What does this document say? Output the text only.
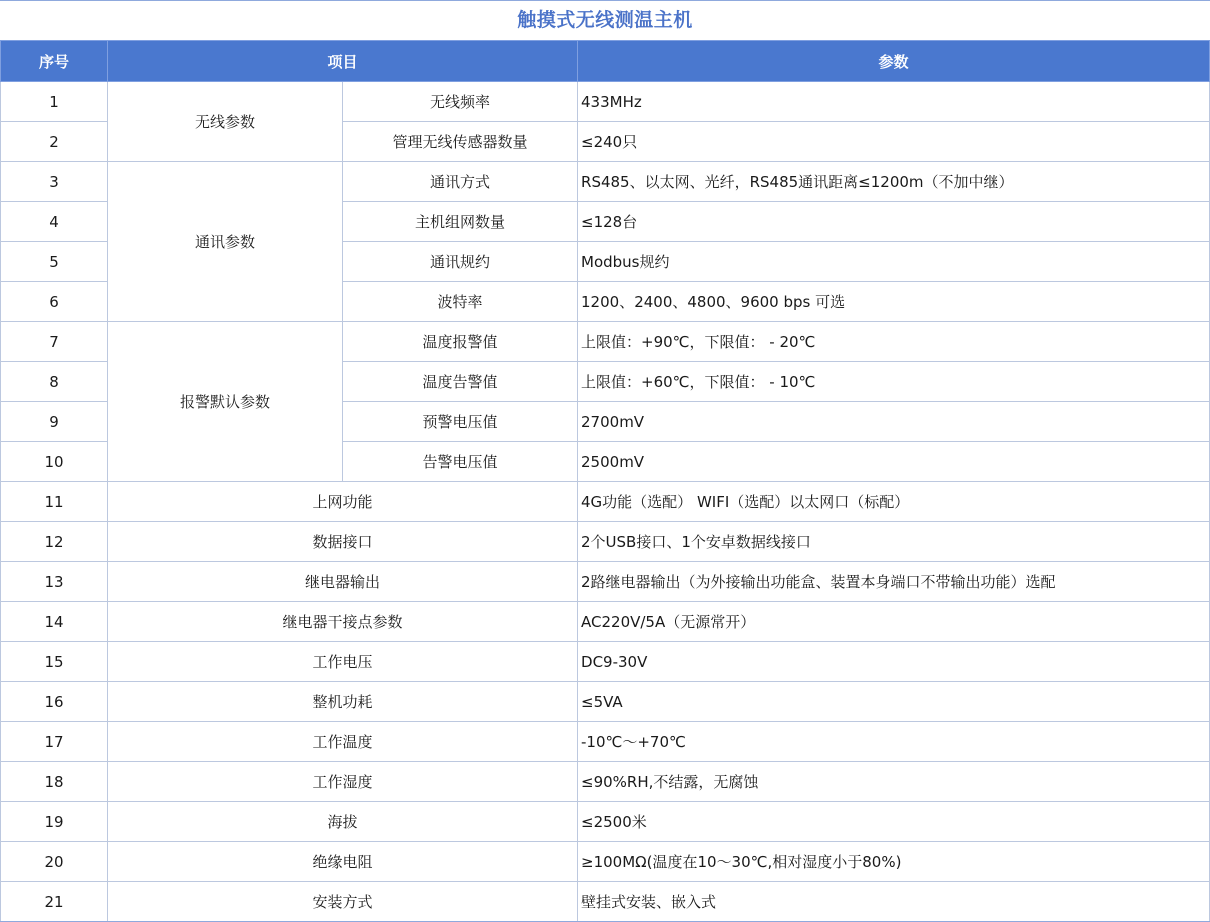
触摸式无线测温主机
序号	项目		参数
1	无线参数	无线频率	433MHz
2		管理无线传感器数量	≤240只
3	通讯参数	通讯方式	RS485、以太网、光纤，RS485通讯距离≤1200m（不加中继）
4		主机组网数量	≤128台
5		通讯规约	Modbus规约
6		波特率	1200、2400、4800、9600 bps 可选
7	报警默认参数	温度报警值	上限值：+90℃，下限值： - 20℃
8		温度告警值	上限值：+60℃，下限值： - 10℃
9		预警电压值	2700mV
10		告警电压值	2500mV
11	上网功能		4G功能（选配） WIFI（选配）以太网口（标配）
12	数据接口		2个USB接口、1个安卓数据线接口
13	继电器输出		2路继电器输出（为外接输出功能盒、装置本身端口不带输出功能）选配
14	继电器干接点参数		AC220V/5A（无源常开）
15	工作电压		DC9-30V
16	整机功耗		≤5VA
17	工作温度		-10℃～+70℃
18	工作湿度		≤90%RH,不结露，无腐蚀
19	海拔		≤2500米
20	绝缘电阻		≥100MΩ(温度在10～30℃,相对湿度小于80%)
21	安装方式		壁挂式安装、嵌入式
